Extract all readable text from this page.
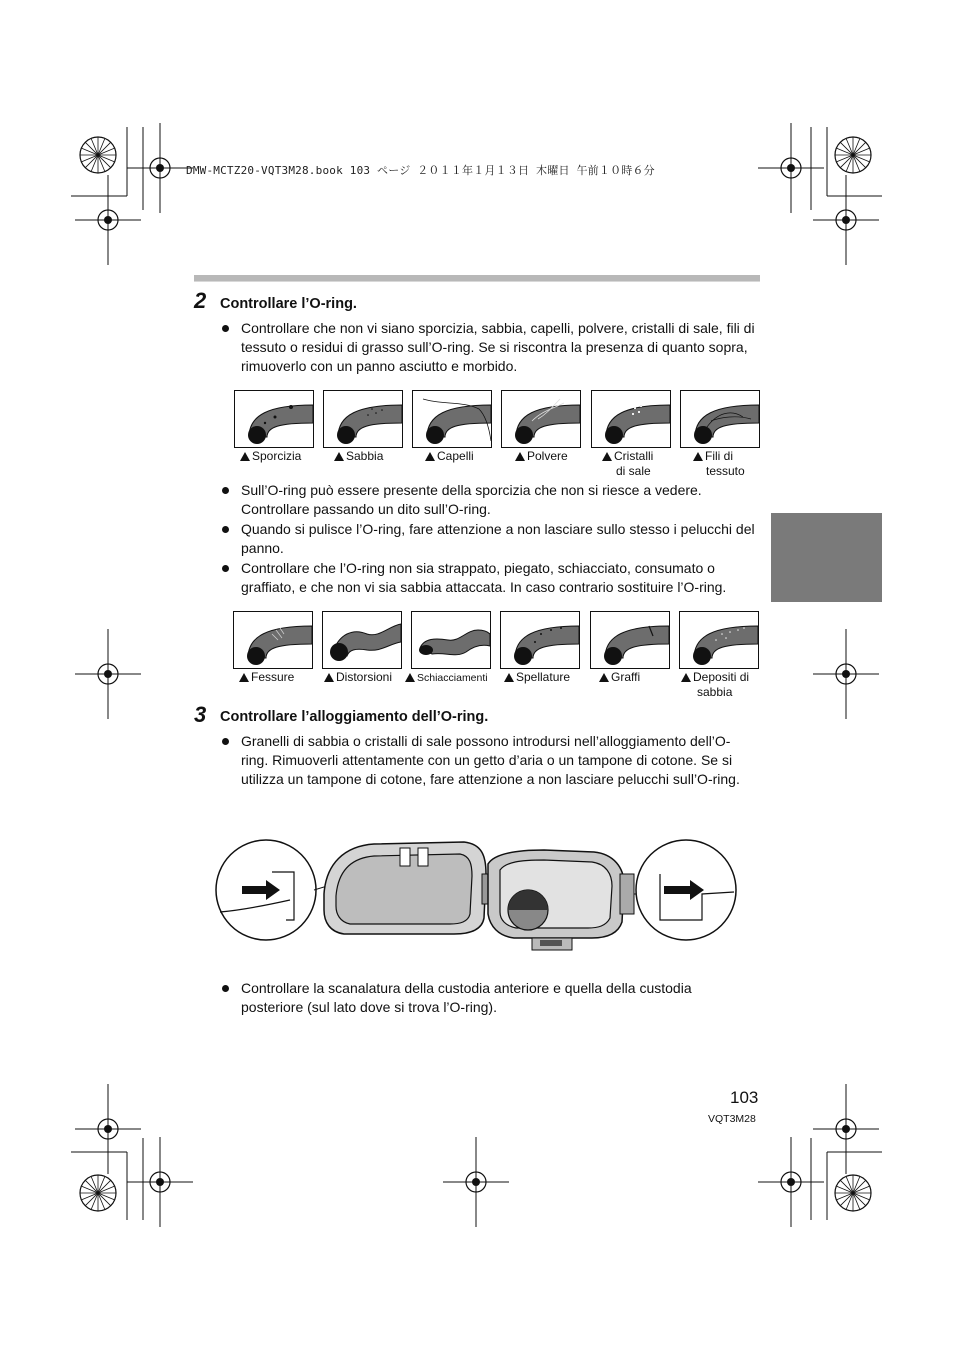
DMW-MCTZ20-VQT3M28.book 103 ページ ２０１１年１月１３日 木曜日 午前１０時６分
2 Controllare l’O-ring.
Controllare che non vi siano sporcizia, sabbia, capelli, polvere, cristalli di sale, fili di tessuto o residui di grasso sull’O-ring. Se si riscontra la presenza di quanto sopra, rimuoverlo con un panno asciutto e morbido.
Sporcizia	Sabbia	Capelli	Polvere	Cristalli
di sale
Fili di
tessuto
Sull’O-ring può essere presente della sporcizia che non si riesce a vedere. Controllare passando un dito sull’O-ring.
Quando si pulisce l’O-ring, fare attenzione a non lasciare sullo stesso i pelucchi del panno.
Controllare che l’O-ring non sia strappato, piegato, schiacciato, consumato o graffiato, e che non vi sia sabbia attaccata. In caso contrario sostituire l’O-ring.
Fessure	Distorsioni	Schiacciamenti	Spellature	Graffi	Depositi di
sabbia
3 Controllare l’alloggiamento dell’O-ring.
Granelli di sabbia o cristalli di sale possono introdursi nell’alloggiamento dell’O-ring. Rimuoverli attentamente con un getto d’aria o un tampone di cotone. Se si utilizza un tampone di cotone, fare attenzione a non lasciare pelucchi sull’O-ring.
Controllare la scanalatura della custodia anteriore e quella della custodia posteriore (sul lato dove si trova l’O-ring).
103
VQT3M28
